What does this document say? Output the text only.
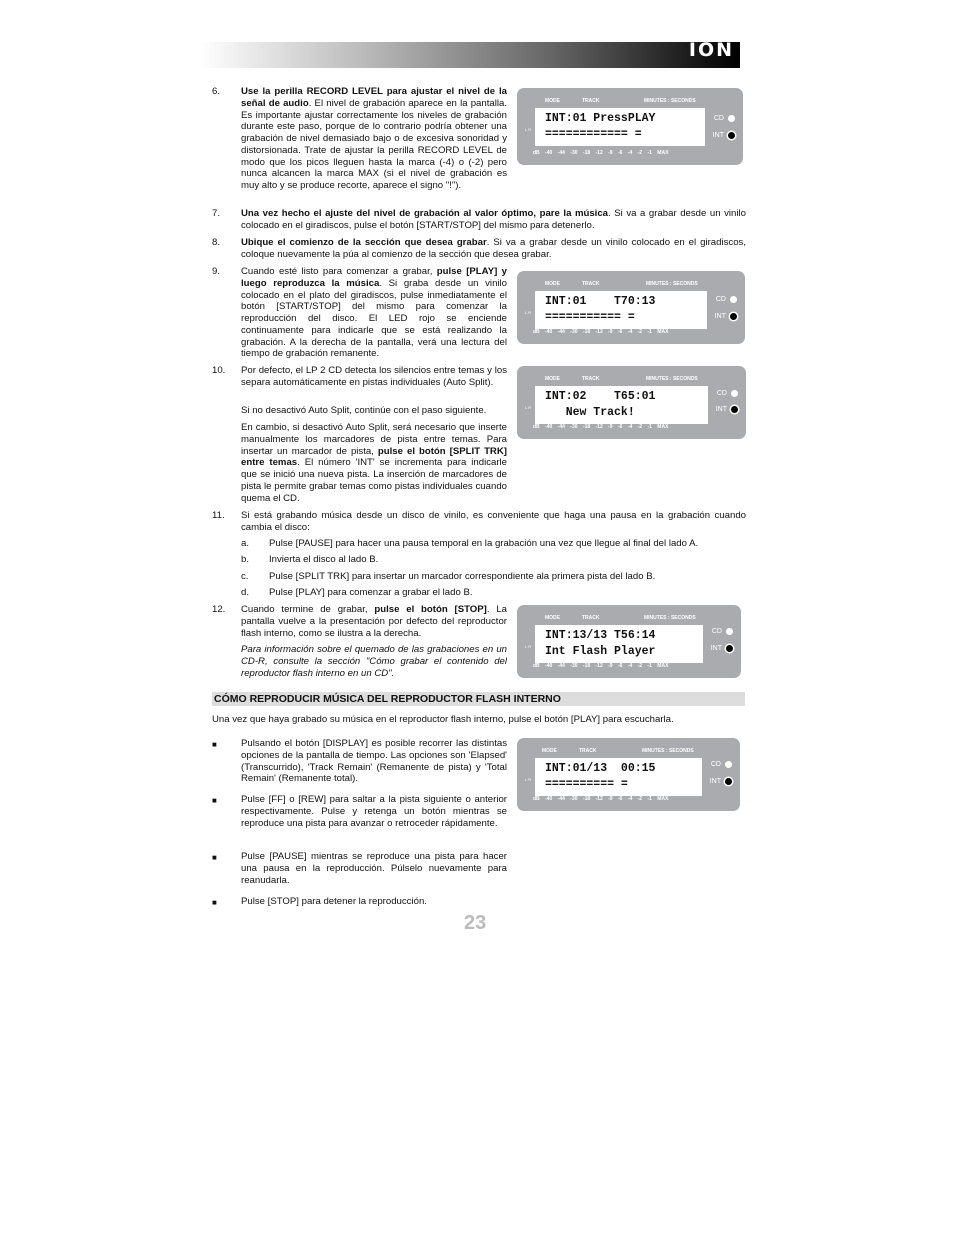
ION
6. Use la perilla RECORD LEVEL para ajustar el nivel de la señal de audio. El nivel de grabación aparece en la pantalla. Es importante ajustar correctamente los niveles de grabación durante este paso, porque de lo contrario podría obtener una grabación de nivel demasiado bajo o de excesiva sonoridad y distorsionada. Trate de ajustar la perilla RECORD LEVEL de modo que los picos lleguen hasta la marca (-4) o (-2) pero nunca alcancen la marca MAX (si el nivel de grabación es muy alto y se produce recorte, aparece el signo "!").
7. Una vez hecho el ajuste del nivel de grabación al valor óptimo, pare la música. Si va a grabar desde un vinilo colocado en el giradiscos, pulse el botón [START/STOP] del mismo para detenerlo.
8. Ubique el comienzo de la sección que desea grabar. Si va a grabar desde un vinilo colocado en el giradiscos, coloque nuevamente la púa al comienzo de la sección que desea grabar.
9. Cuando esté listo para comenzar a grabar, pulse [PLAY] y luego reproduzca la música. Si graba desde un vinilo colocado en el plato del giradiscos, pulse inmediatamente el botón [START/STOP] del mismo para comenzar la reproducción del disco. El LED rojo se enciende continuamente para indicarle que se está realizando la grabación. A la derecha de la pantalla, verá una lectura del tiempo de grabación remanente.
10. Por defecto, el LP 2 CD detecta los silencios entre temas y los separa automáticamente en pistas individuales (Auto Split).
Si no desactivó Auto Split, continúe con el paso siguiente.
En cambio, si desactivó Auto Split, será necesario que inserte manualmente los marcadores de pista entre temas. Para insertar un marcador de pista, pulse el botón [SPLIT TRK] entre temas. El número 'INT' se incrementa para indicarle que se inició una nueva pista. La inserción de marcadores de pista le permite grabar temas como pistas individuales cuando quema el CD.
11. Si está grabando música desde un disco de vinilo, es conveniente que haga una pausa en la grabación cuando cambia el disco:
a. Pulse [PAUSE] para hacer una pausa temporal en la grabación una vez que llegue al final del lado A.
b. Invierta el disco al lado B.
c. Pulse [SPLIT TRK] para insertar un marcador correspondiente ala primera pista del lado B.
d. Pulse [PLAY] para comenzar a grabar el lado B.
12. Cuando termine de grabar, pulse el botón [STOP]. La pantalla vuelve a la presentación por defecto del reproductor flash interno, como se ilustra a la derecha.
Para información sobre el quemado de las grabaciones en un CD-R, consulte la sección "Cómo grabar el contenido del reproductor flash interno en un CD".
CÓMO REPRODUCIR MÚSICA DEL REPRODUCTOR FLASH INTERNO
Una vez que haya grabado su música en el reproductor flash interno, pulse el botón [PLAY] para escucharla.
■	Pulsando el botón [DISPLAY] es posible recorrer las distintas opciones de la pantalla de tiempo. Las opciones son 'Elapsed' (Transcurrido), 'Track Remain' (Remanente de pista) y 'Total Remain' (Remanente total).
■	Pulse [FF] o [REW] para saltar a la pista siguiente o anterior respectivamente. Pulse y retenga un botón mientras se reproduce una pista para avanzar o retroceder rápidamente.
■	Pulse [PAUSE] mientras se reproduce una pista para hacer una pausa en la reproducción. Púlselo nuevamente para reanudarla.
■	Pulse [STOP] para detener la reproducción.
23
MODE	TRACK	MINUTES : SECONDS
L R
INT:01 PressPLAY
============ =
CD
INT
dB -40 -44 -30 -18 -12 -9 -6 -4 -2 -1 MAX
MODE	TRACK	MINUTES : SECONDS
L R
INT:01    T70:13
=========== =
CD
INT
dB -40 -44 -30 -18 -12 -9 -6 -4 -2 -1 MAX
MODE	TRACK	MINUTES : SECONDS
L R
INT:02    T65:01
New Track!
CD
INT
dB -40 -44 -30 -18 -12 -9 -6 -4 -2 -1 MAX
MODE	TRACK	MINUTES : SECONDS
L R
INT:13/13 T56:14
Int Flash Player
CD
INT
dB -40 -44 -30 -18 -12 -9 -6 -4 -2 -1 MAX
MODE	TRACK	MINUTES : SECONDS
L R
INT:01/13  00:15
========== =
CD
INT
dB -40 -44 -30 -18 -12 -9 -6 -4 -2 -1 MAX
